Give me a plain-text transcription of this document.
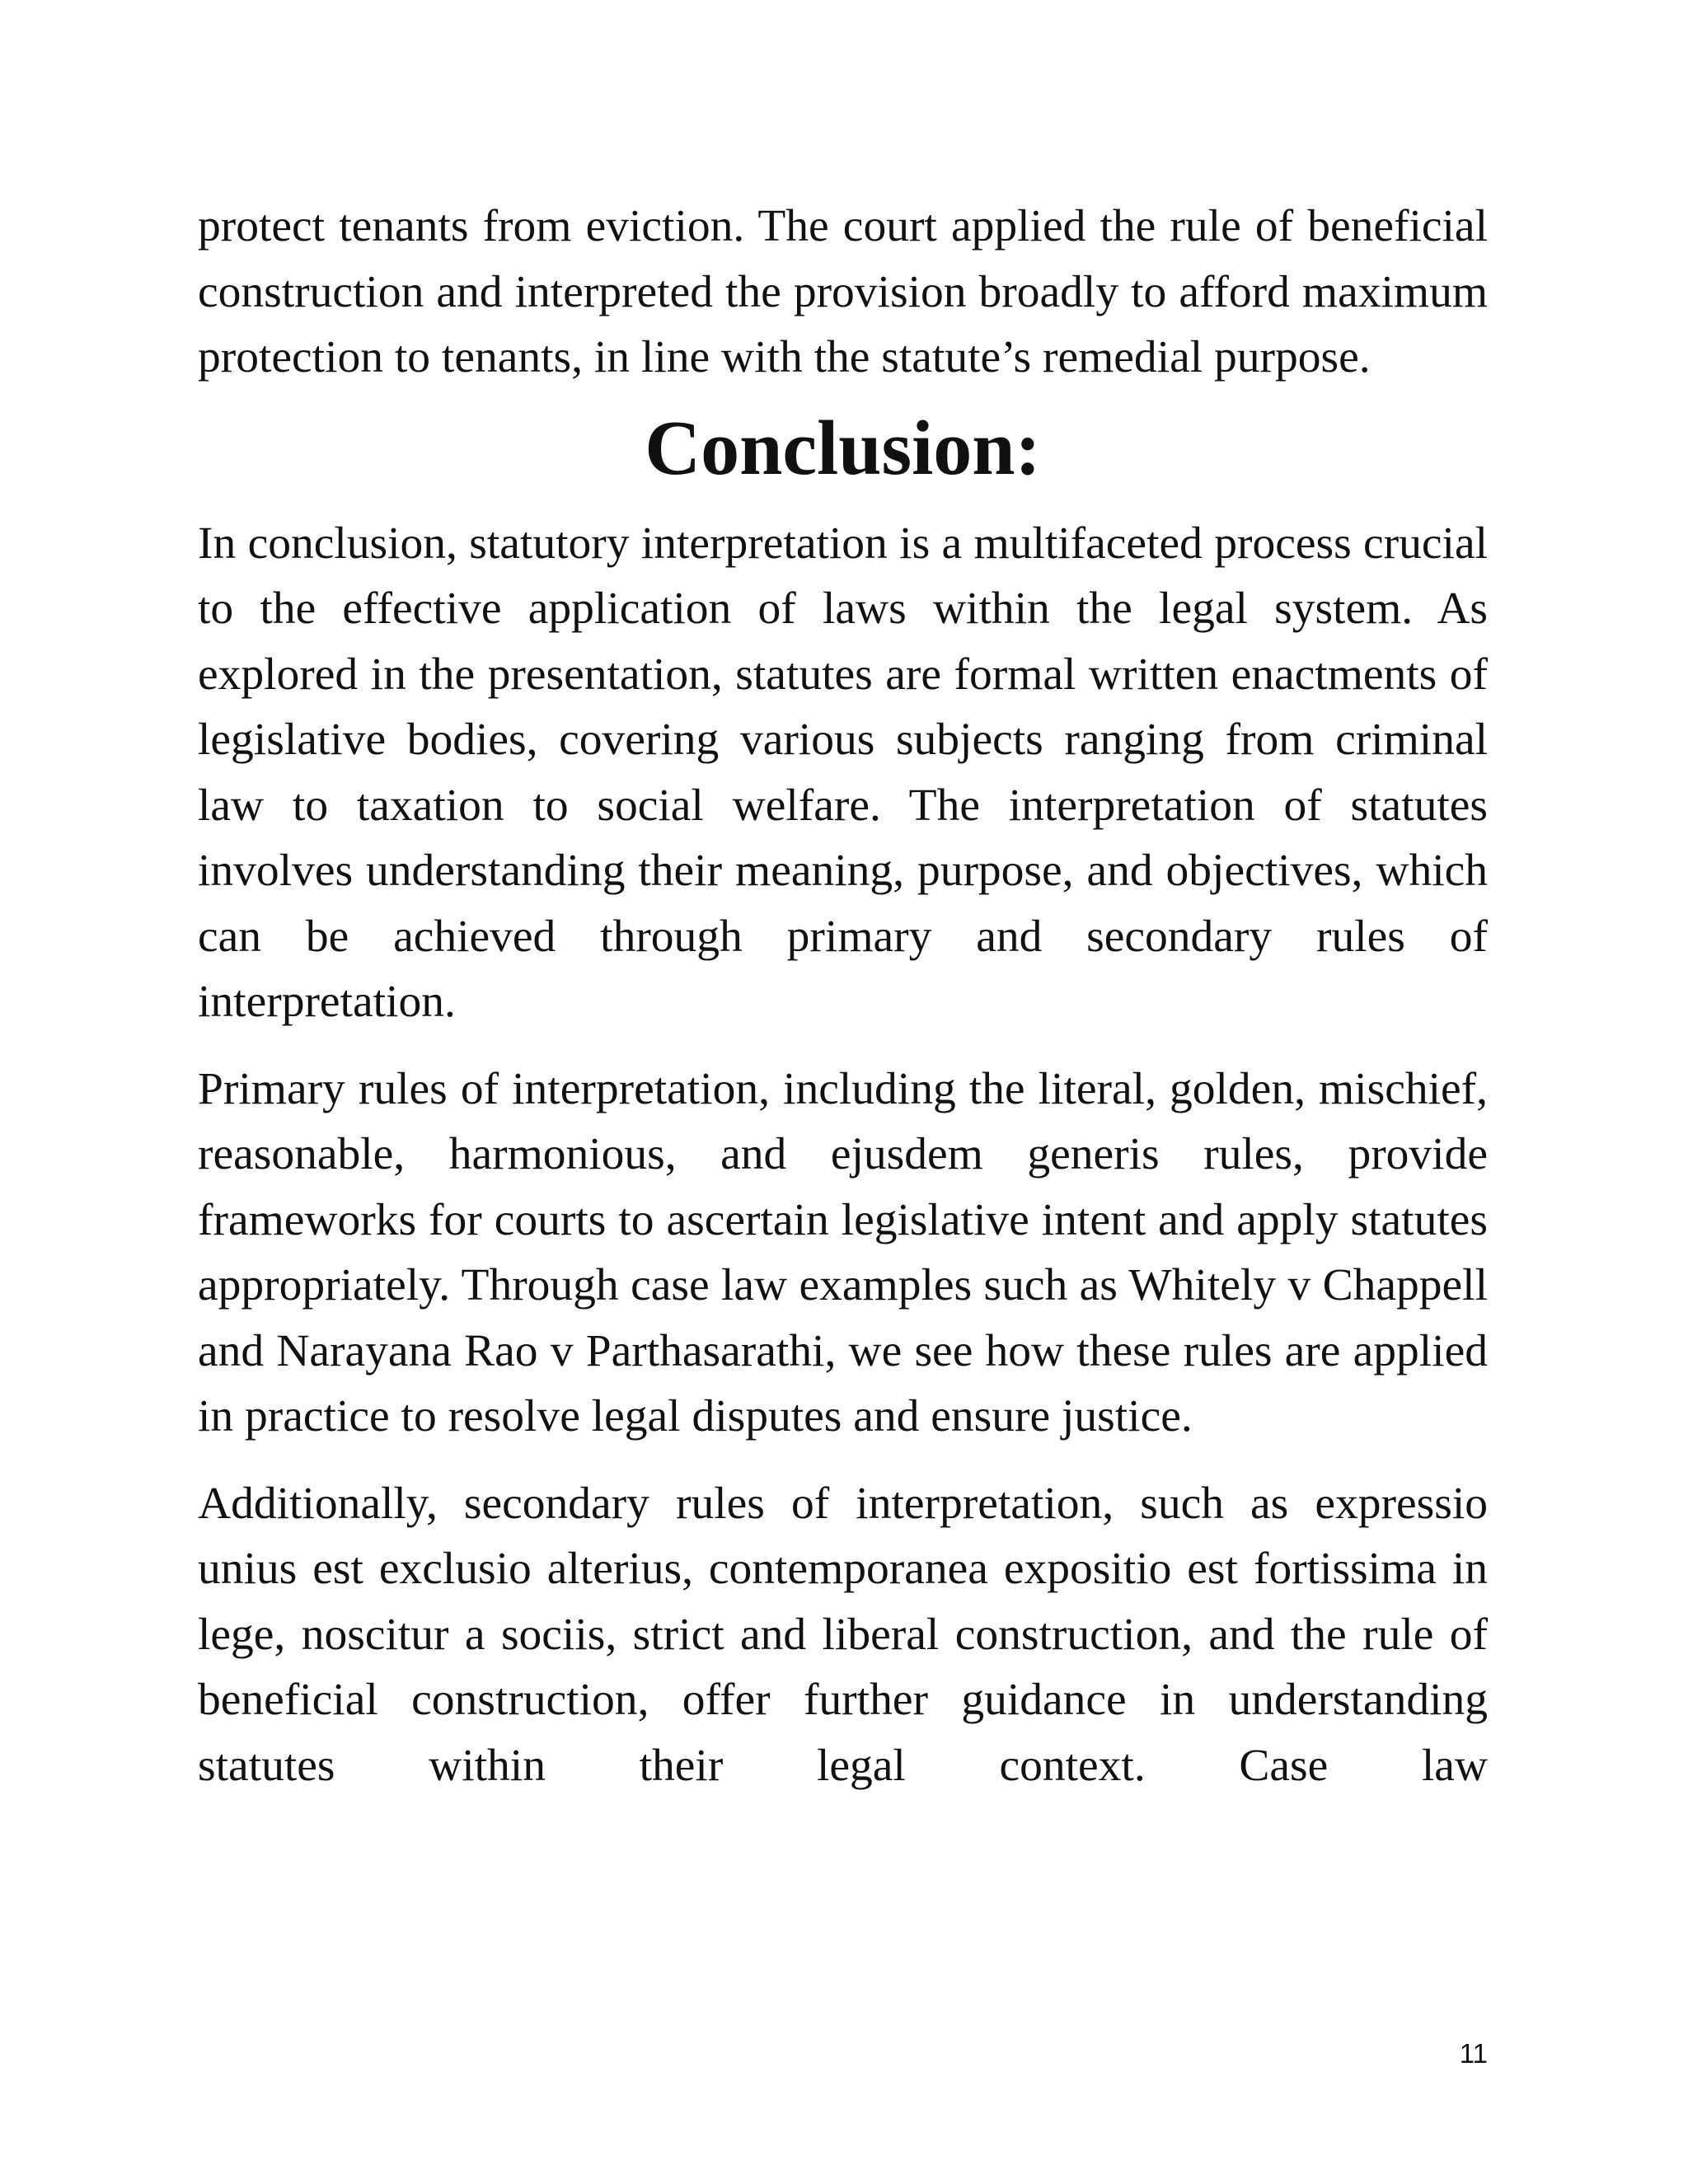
protect tenants from eviction. The court applied the rule of beneficial construction and interpreted the provision broadly to afford maximum protection to tenants, in line with the statute’s remedial purpose.

Conclusion:

In conclusion, statutory interpretation is a multifaceted process crucial to the effective application of laws within the legal system. As explored in the presentation, statutes are formal written enactments of legislative bodies, covering various subjects ranging from criminal law to taxation to social welfare. The interpretation of statutes involves understanding their meaning, purpose, and objectives, which can be achieved through primary and secondary rules of interpretation.

Primary rules of interpretation, including the literal, golden, mischief, reasonable, harmonious, and ejusdem generis rules, provide frameworks for courts to ascertain legislative intent and apply statutes appropriately. Through case law examples such as Whitely v Chappell and Narayana Rao v Parthasarathi, we see how these rules are applied in practice to resolve legal disputes and ensure justice.

Additionally, secondary rules of interpretation, such as expressio unius est exclusio alterius, contemporanea expositio est fortissima in lege, noscitur a sociis, strict and liberal construction, and the rule of beneficial construction, offer further guidance in understanding statutes within their legal context. Case law

11
